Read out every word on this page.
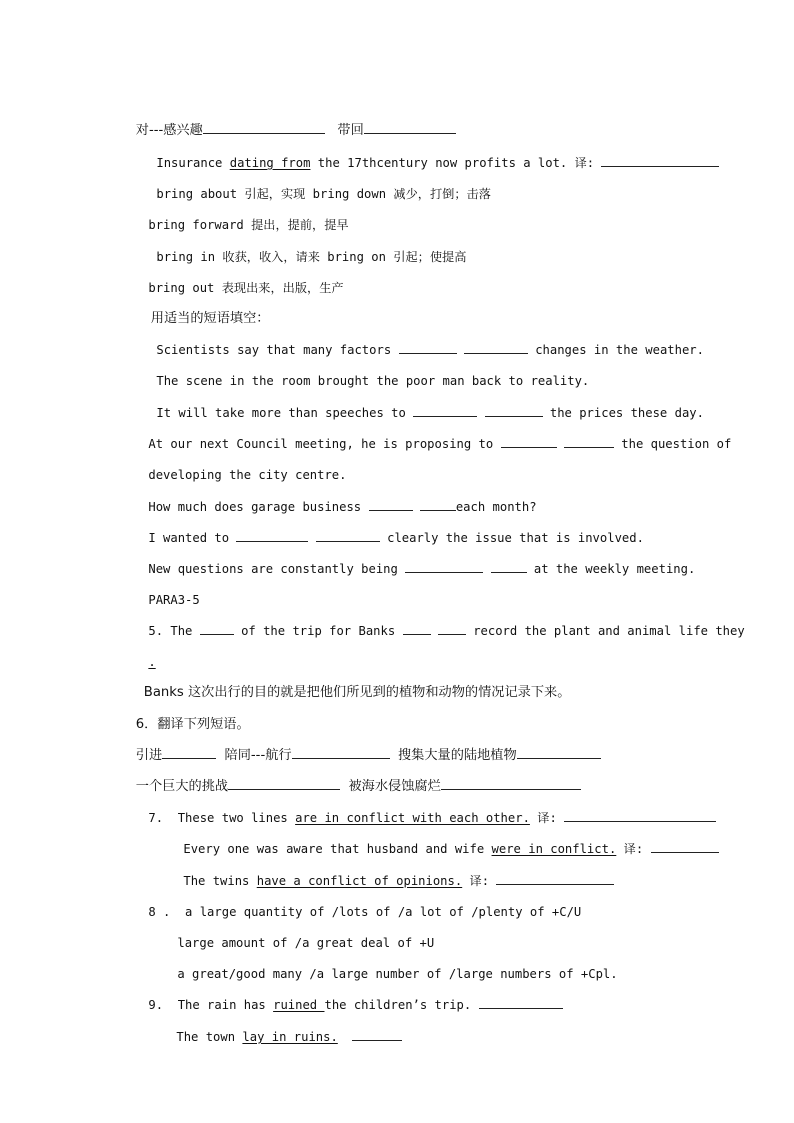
对---感兴趣	带回

Insurance dating from the 17thcentury now profits a lot. 译:

bring about 引起，实现 bring down 减少，打倒；击落

bring forward 提出，提前，提早

bring in 收获，收入，请来 bring on 引起；使提高

bring out 表现出来，出版，生产

用适当的短语填空：

Scientists say that many factors	changes in the weather.

The scene in the room brought the poor man back to reality.

It will take more than speeches to	the prices these day.

At our next Council meeting, he is proposing to	the question of

developing the city centre.

How much does garage business	each month?

I wanted to	clearly the issue that is involved.

New questions are constantly being	at the weekly meeting.

PARA3-5

5. The	of the trip for Banks	record the plant and animal life they

.

Banks 这次出行的目的就是把他们所见到的植物和动物的情况记录下来。

6．翻译下列短语。

引进	陪同---航行	搜集大量的陆地植物

一个巨大的挑战	被海水侵蚀腐烂

7.  These two lines are in conflict with each other. 译:

Every one was aware that husband and wife were in conflict. 译:

The twins have a conflict of opinions. 译:

8 .  a large quantity of /lots of /a lot of /plenty of +C/U

large amount of /a great deal of +U

a great/good many /a large number of /large numbers of +Cpl.

9.  The rain has ruined the children’s trip.

The town lay in ruins.
